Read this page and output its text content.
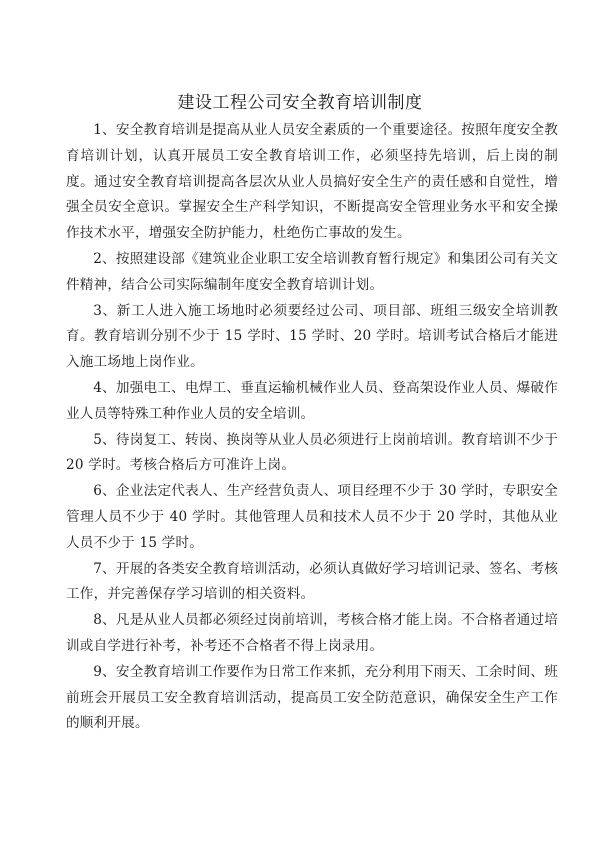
建设工程公司安全教育培训制度

1、安全教育培训是提高从业人员安全素质的一个重要途径。按照年度安全教育培训计划，认真开展员工安全教育培训工作，必须坚持先培训，后上岗的制度。通过安全教育培训提高各层次从业人员搞好安全生产的责任感和自觉性，增强全员安全意识。掌握安全生产科学知识，不断提高安全管理业务水平和安全操作技术水平，增强安全防护能力，杜绝伤亡事故的发生。

2、按照建设部《建筑业企业职工安全培训教育暂行规定》和集团公司有关文件精神，结合公司实际编制年度安全教育培训计划。

3、新工人进入施工场地时必须要经过公司、项目部、班组三级安全培训教育。教育培训分别不少于 15 学时、15 学时、20 学时。培训考试合格后才能进入施工场地上岗作业。

4、加强电工、电焊工、垂直运输机械作业人员、登高架设作业人员、爆破作业人员等特殊工种作业人员的安全培训。

5、待岗复工、转岗、换岗等从业人员必须进行上岗前培训。教育培训不少于 20 学时。考核合格后方可准许上岗。

6、企业法定代表人、生产经营负责人、项目经理不少于 30 学时，专职安全管理人员不少于 40 学时。其他管理人员和技术人员不少于 20 学时，其他从业人员不少于 15 学时。

7、开展的各类安全教育培训活动，必须认真做好学习培训记录、签名、考核工作，并完善保存学习培训的相关资料。

8、凡是从业人员都必须经过岗前培训，考核合格才能上岗。不合格者通过培训或自学进行补考，补考还不合格者不得上岗录用。

9、安全教育培训工作要作为日常工作来抓，充分利用下雨天、工余时间、班前班会开展员工安全教育培训活动，提高员工安全防范意识，确保安全生产工作的顺利开展。
